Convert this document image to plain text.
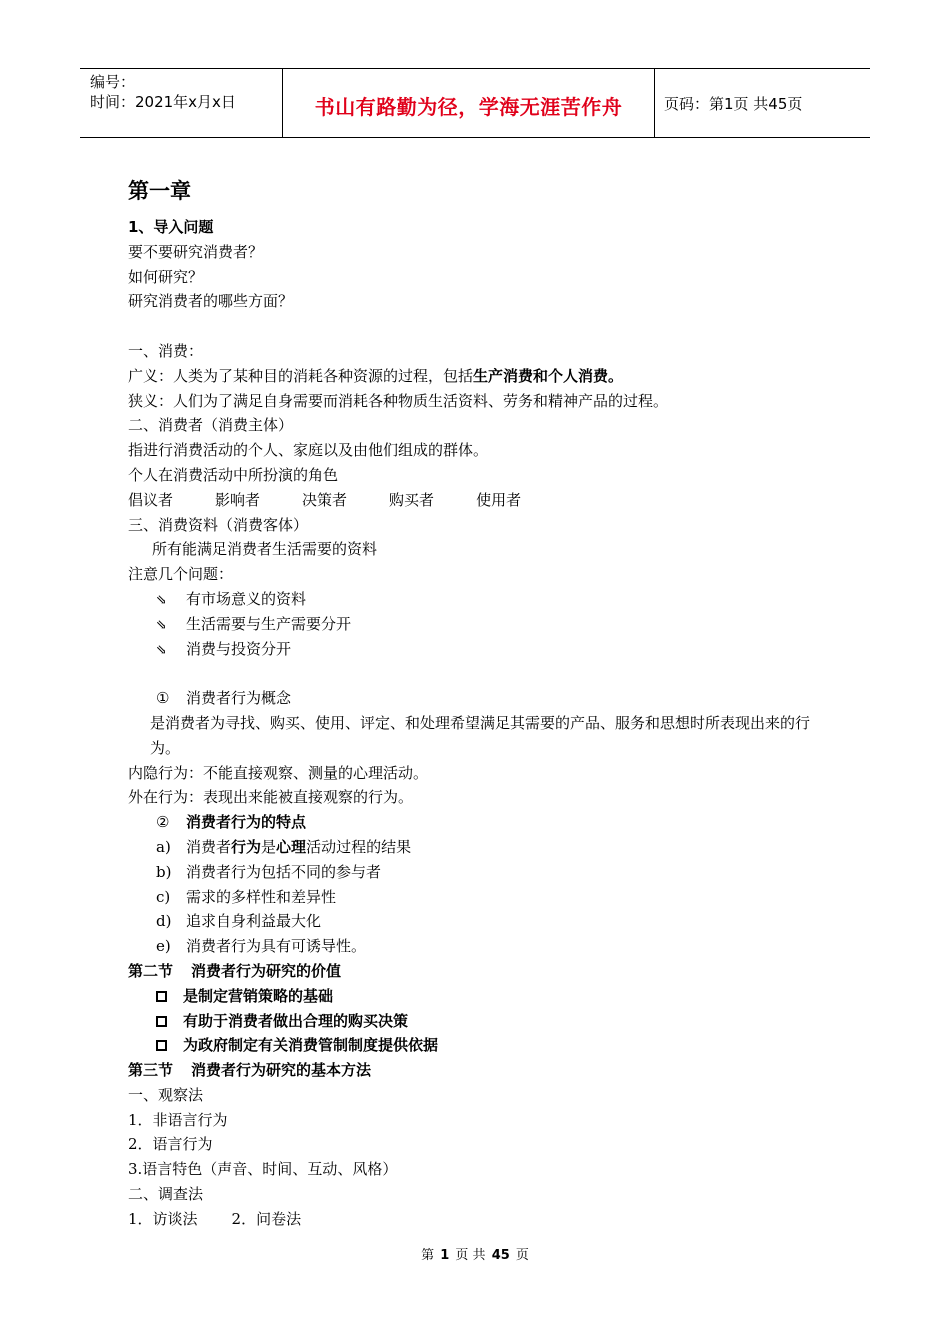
编号：
时间：2021年x月x日	书山有路勤为径，学海无涯苦作舟	页码：第1页 共45页
第一章
1、导入问题
要不要研究消费者？
如何研究？
研究消费者的哪些方面？
一、消费：
广义：人类为了某种目的消耗各种资源的过程，包括生产消费和个人消费。
狭义：人们为了满足自身需要而消耗各种物质生活资料、劳务和精神产品的过程。
二、消费者（消费主体）
指进行消费活动的个人、家庭以及由他们组成的群体。
个人在消费活动中所扮演的角色
倡议者	影响者	决策者	购买者	使用者
三、消费资料（消费客体）
所有能满足消费者生活需要的资料
注意几个问题：
⇘ 有市场意义的资料
⇘ 生活需要与生产需要分开
⇘ 消费与投资分开
① 消费者行为概念
是消费者为寻找、购买、使用、评定、和处理希望满足其需要的产品、服务和思想时所表现出来的行为。
内隐行为：不能直接观察、测量的心理活动。
外在行为：表现出来能被直接观察的行为。
② 消费者行为的特点
a) 消费者行为是心理活动过程的结果
b) 消费者行为包括不同的参与者
c) 需求的多样性和差异性
d) 追求自身利益最大化
e) 消费者行为具有可诱导性。
第二节 消费者行为研究的价值
是制定营销策略的基础
有助于消费者做出合理的购买决策
为政府制定有关消费管制制度提供依据
第三节 消费者行为研究的基本方法
一、观察法
1．非语言行为
2．语言行为
3.语言特色（声音、时间、互动、风格）
二、调查法
1．访谈法 2．问卷法
第 1 页 共 45 页
